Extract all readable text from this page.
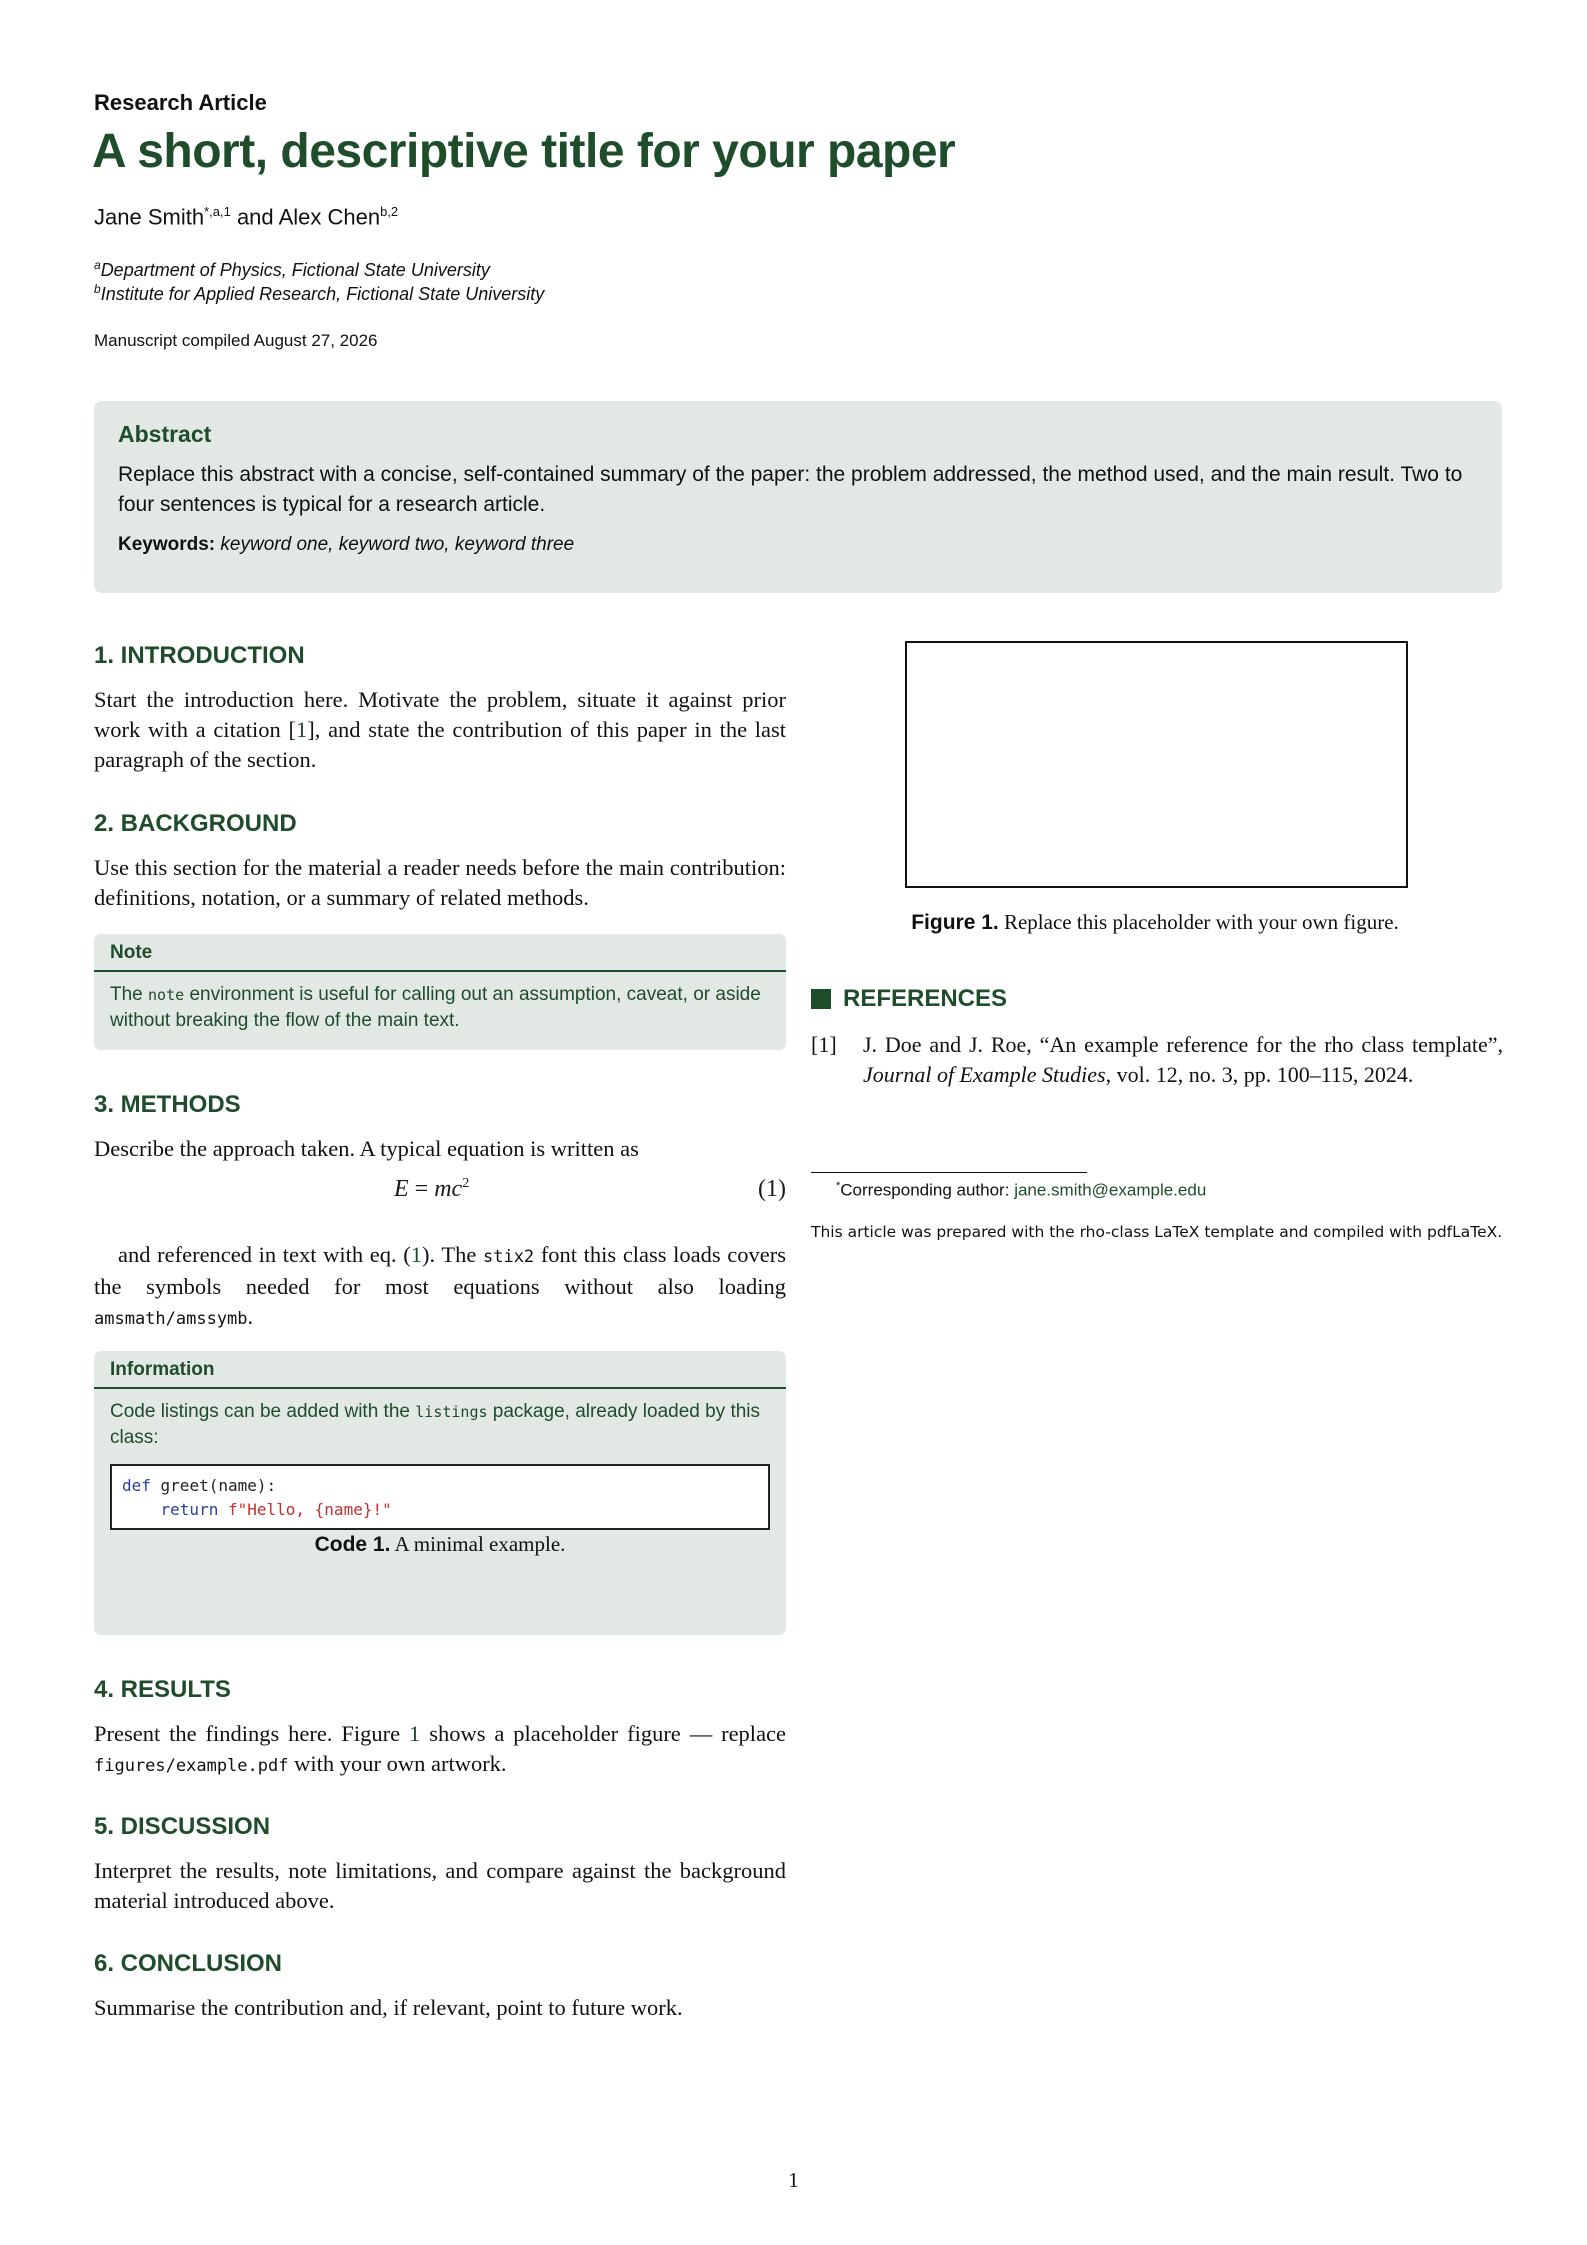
Research Article
A short, descriptive title for your paper
Jane Smith$^{*,a,1}$ and Alex Chen$^{b,2}$
$^a$Department of Physics, Fictional State University
$^b$Institute for Applied Research, Fictional State University
Manuscript compiled August 27, 2026
Abstract

Replace this abstract with a concise, self-contained summary of the paper: the problem addressed, the method used, and the main result. Two to four sentences is typical for a research article.

Keywords: keyword one, keyword two, keyword three
1. INTRODUCTION
Start the introduction here. Motivate the problem, situate it against prior work with a citation [1], and state the contribution of this paper in the last paragraph of the section.
2. BACKGROUND
Use this section for the material a reader needs before the main contribution: definitions, notation, or a summary of related methods.
Note
The note environment is useful for calling out an assumption, caveat, or aside without breaking the flow of the main text.
3. METHODS
Describe the approach taken. A typical equation is written as
$E = mc^2$	(1)
and referenced in text with eq. (1). The stix2 font this class loads covers the symbols needed for most equations without also loading amsmath/amssymb.
Information
Code listings can be added with the listings package, already loaded by this class:
def greet(name):
return f"Hello, {name}!"
Code 1. A minimal example.
4. RESULTS
Present the findings here. Figure 1 shows a placeholder figure — replace figures/example.pdf with your own artwork.
5. DISCUSSION
Interpret the results, note limitations, and compare against the background material introduced above.
6. CONCLUSION
Summarise the contribution and, if relevant, point to future work.
Figure 1. Replace this placeholder with your own figure.
REFERENCES
[1]	J. Doe and J. Roe, “An example reference for the rho class template”, Journal of Example Studies, vol. 12, no. 3, pp. 100–115, 2024.
*Corresponding author: jane.smith@example.edu
This article was prepared with the rho-class LaTeX template and compiled with pdfLaTeX.
1
